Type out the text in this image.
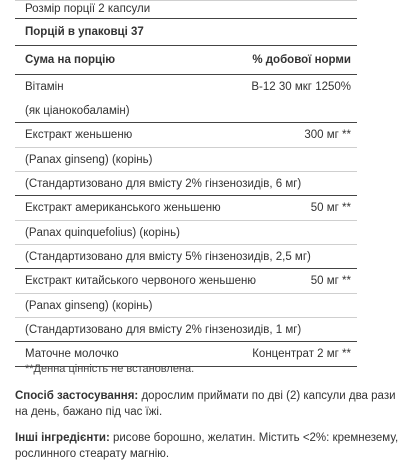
Розмір порції 2 капсули
Порцій в упаковці 37
Сума на порцію	% добової норми
Вітамін	В-12 30 мкг 1250%
(як ціанокобаламін)
Екстракт женьшеню	300 мг **
(Panax ginseng) (корінь)
(Стандартизовано для вмісту 2% гінзенозидів, 6 мг)
Екстракт американського женьшеню	50 мг **
(Panax quinquefolius) (корінь)
(Стандартизовано для вмісту 5% гінзенозидів, 2,5 мг)
Екстракт китайського червоного женьшеню	50 мг **
(Panax ginseng) (корінь)
(Стандартизовано для вмісту 2% гінзенозидів, 1 мг)
Маточне молочко	Концентрат 2 мг **
**Денна цінність не встановлена.
Спосіб застосування: дорослим приймати по дві (2) капсули два рази на день, бажано під час їжі.
Інші інгредієнти: рисове борошно, желатин. Містить <2%: кремнезему, рослинного стеарату магнію.
